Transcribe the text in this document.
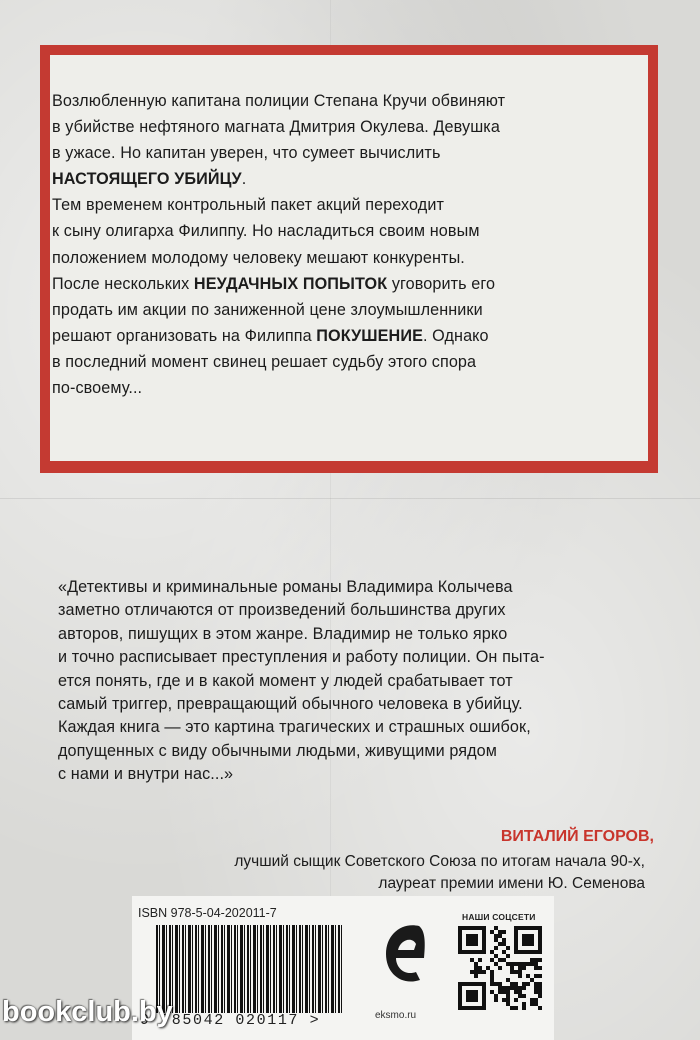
Возлюбленную капитана полиции Степана Кручи обвиняют
в убийстве нефтяного магната Дмитрия Окулева. Девушка
в ужасе. Но капитан уверен, что сумеет вычислить
НАСТОЯЩЕГО УБИЙЦУ.
Тем временем контрольный пакет акций переходит
к сыну олигарха Филиппу. Но насладиться своим новым
положением молодому человеку мешают конкуренты.
После нескольких НЕУДАЧНЫХ ПОПЫТОК уговорить его
продать им акции по заниженной цене злоумышленники
решают организовать на Филиппа ПОКУШЕНИЕ. Однако
в последний момент свинец решает судьбу этого спора
по-своему...
«Детективы и криминальные романы Владимира Колычева
заметно отличаются от произведений большинства других
авторов, пишущих в этом жанре. Владимир не только ярко
и точно расписывает преступления и работу полиции. Он пыта-
ется понять, где и в какой момент у людей срабатывает тот
самый триггер, превращающий обычного человека в убийцу.
Каждая книга — это картина трагических и страшных ошибок,
допущенных с виду обычными людьми, живущими рядом
с нами и внутри нас...»
ВИТАЛИЙ ЕГОРОВ,
лучший сыщик Советского Союза по итогам начала 90-х,
лауреат премии имени Ю. Семенова
ISBN 978-5-04-202011-7
9 785042 020117 >	eksmo.ru
НАШИ СОЦСЕТИ
bookclub.by
